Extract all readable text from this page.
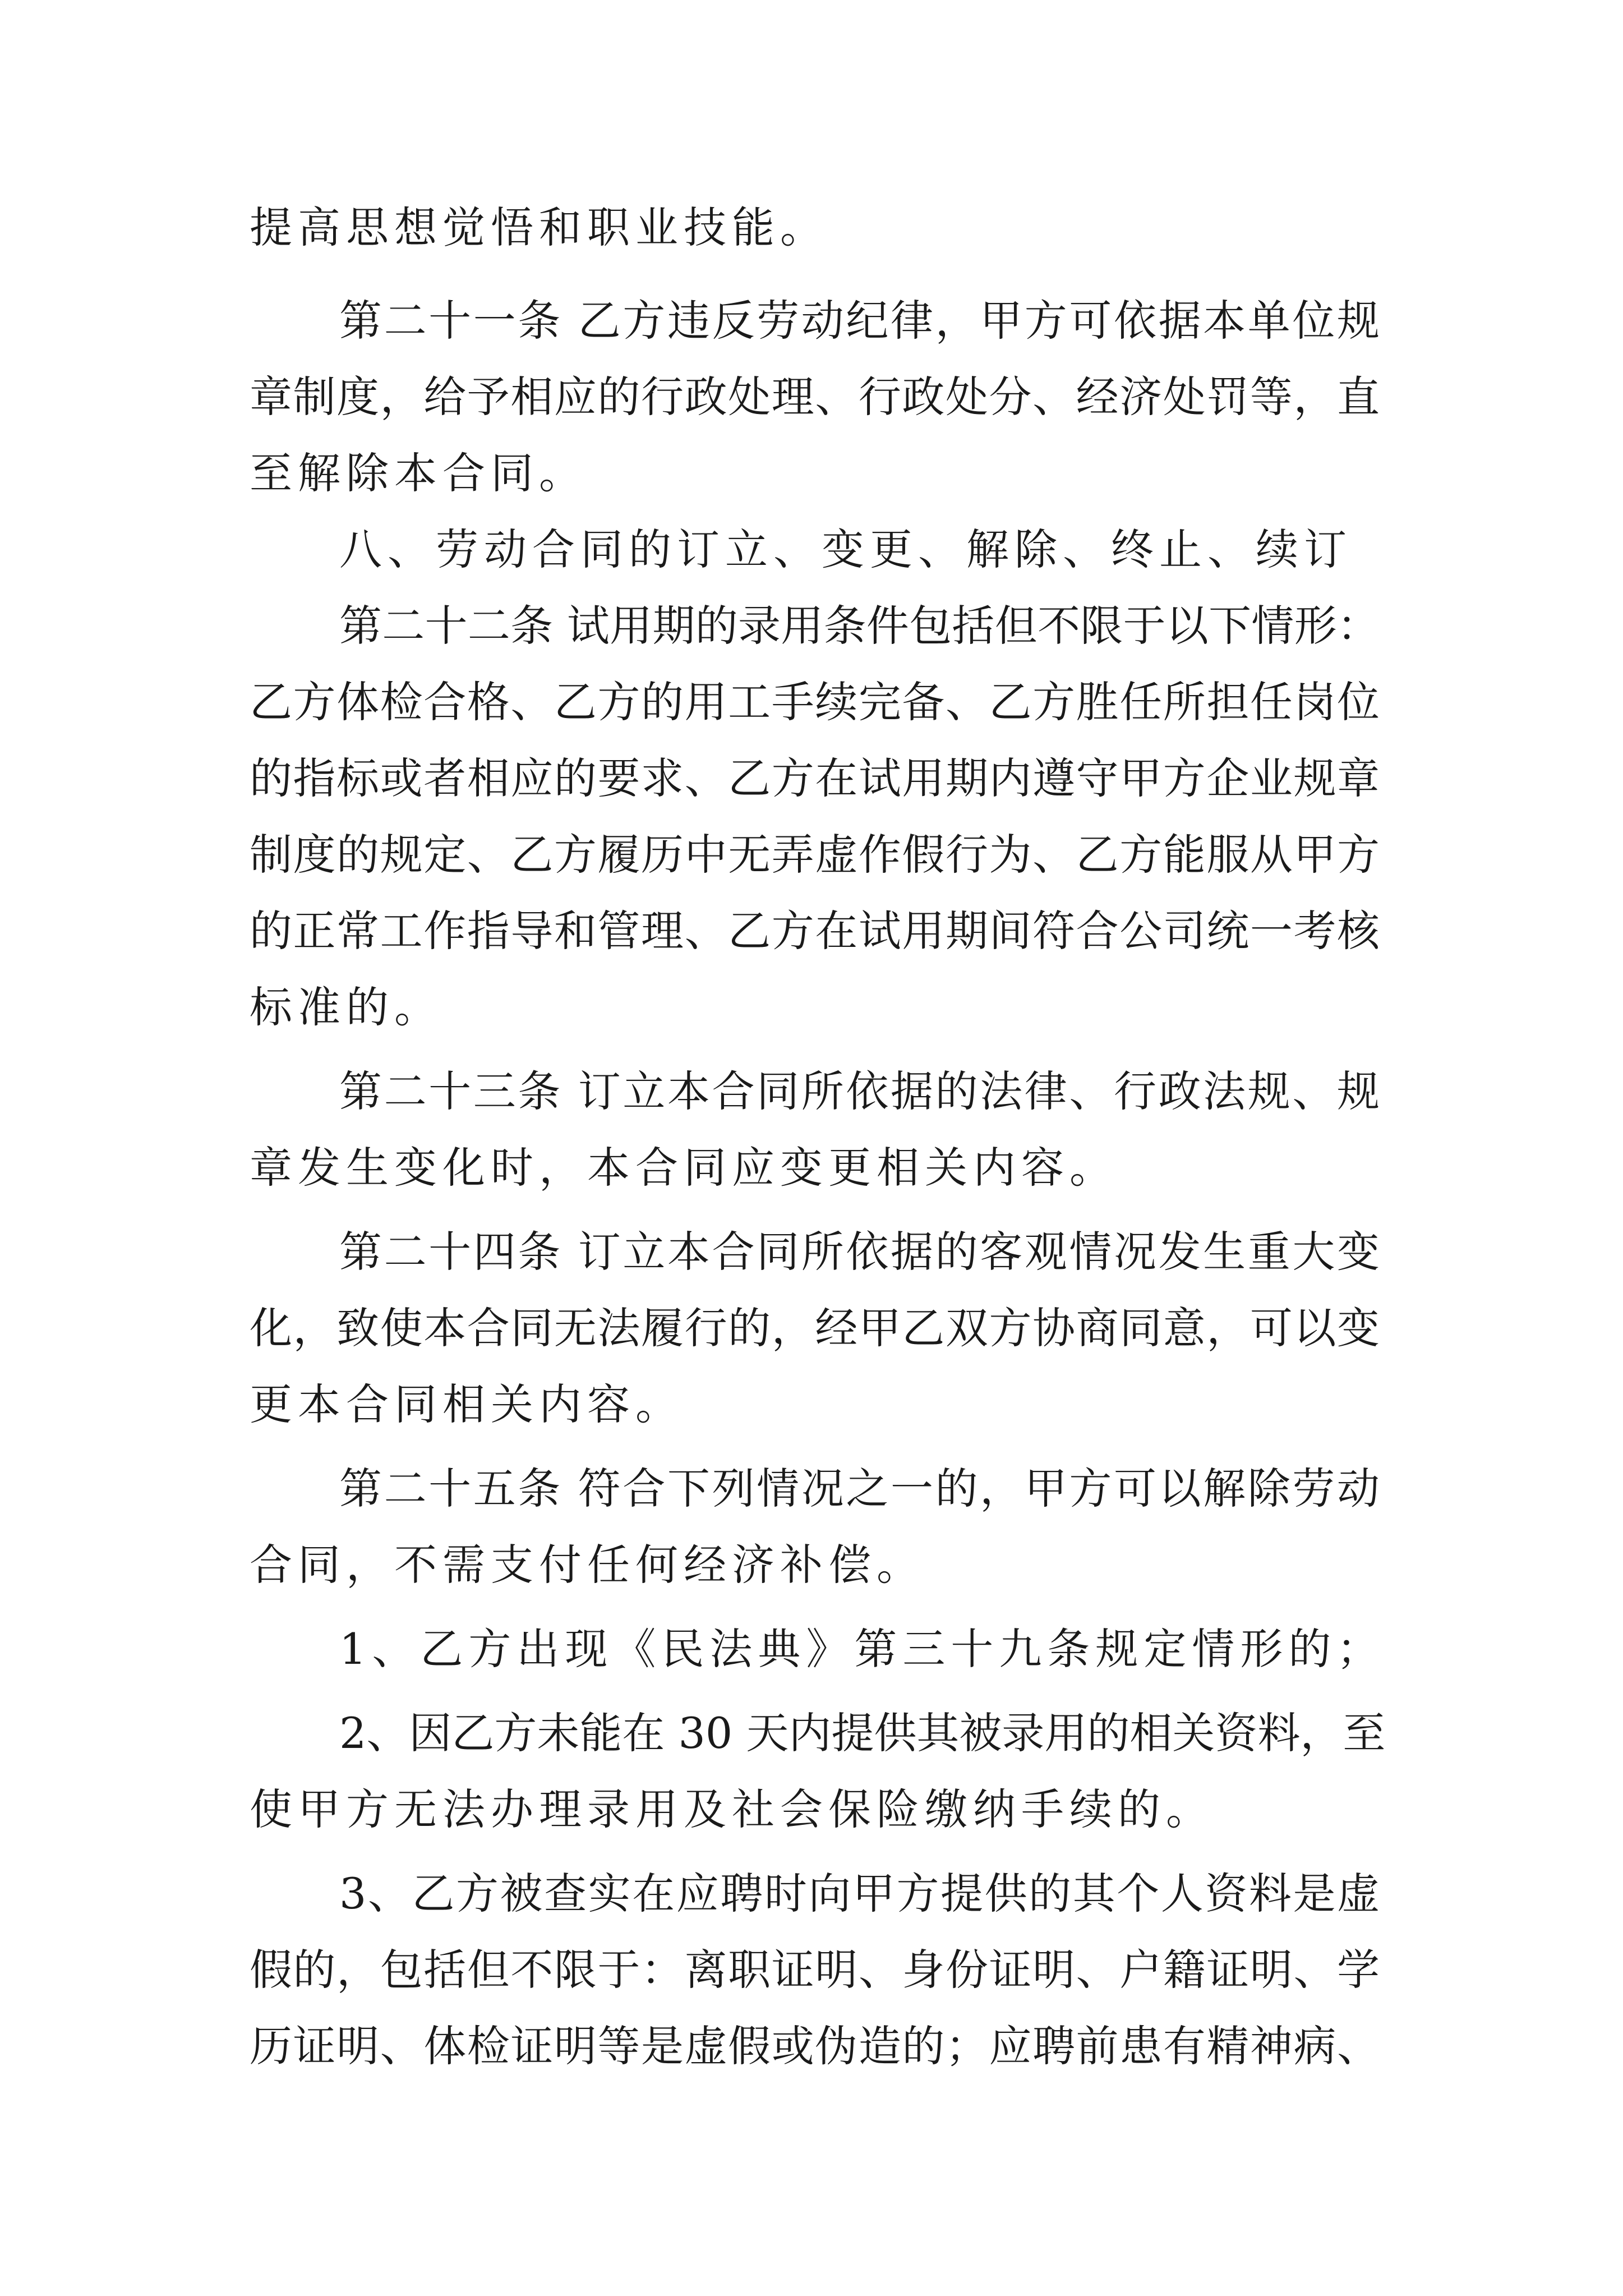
提高思想觉悟和职业技能。
第二十一条 乙方违反劳动纪律，甲方可依据本单位规
章制度，给予相应的行政处理、行政处分、经济处罚等，直
至解除本合同。
八、劳动合同的订立、变更、解除、终止、续订
第二十二条 试用期的录用条件包括但不限于以下情形：
乙方体检合格、乙方的用工手续完备、乙方胜任所担任岗位
的指标或者相应的要求、乙方在试用期内遵守甲方企业规章
制度的规定、乙方履历中无弄虚作假行为、乙方能服从甲方
的正常工作指导和管理、乙方在试用期间符合公司统一考核
标准的。
第二十三条 订立本合同所依据的法律、行政法规、规
章发生变化时，本合同应变更相关内容。
第二十四条 订立本合同所依据的客观情况发生重大变
化，致使本合同无法履行的，经甲乙双方协商同意，可以变
更本合同相关内容。
第二十五条 符合下列情况之一的，甲方可以解除劳动
合同，不需支付任何经济补偿。
1、乙方出现《民法典》第三十九条规定情形的；
2、因乙方未能在 30 天内提供其被录用的相关资料，至
使甲方无法办理录用及社会保险缴纳手续的。
3、乙方被查实在应聘时向甲方提供的其个人资料是虚
假的，包括但不限于：离职证明、身份证明、户籍证明、学
历证明、体检证明等是虚假或伪造的；应聘前患有精神病、
